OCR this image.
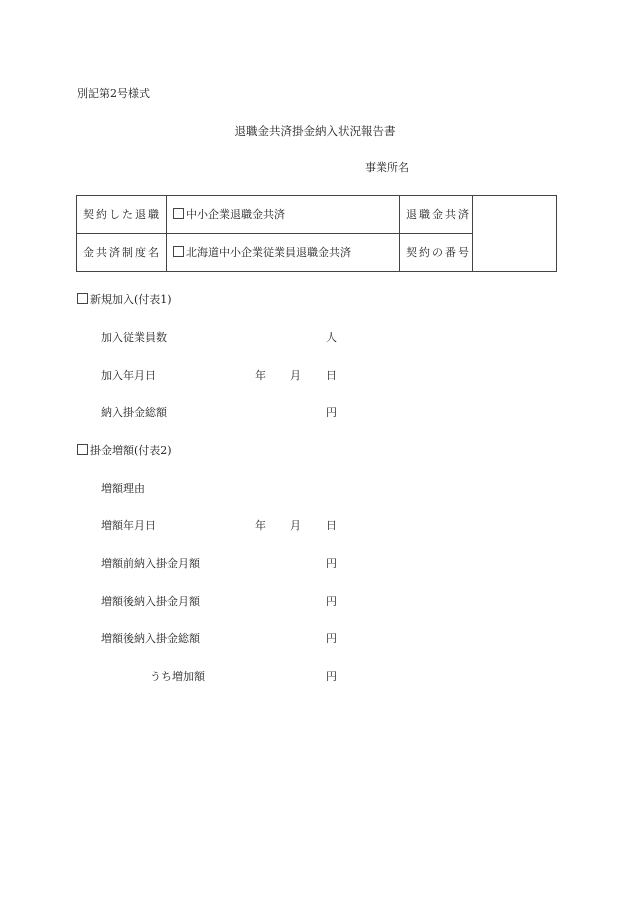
別記第2号様式
退職金共済掛金納入状況報告書
事業所名
契約した退職	中小企業退職金共済	退職金共済	
金共済制度名	北海道中小企業従業員退職金共済	契約の番号	
新規加入(付表1)
加入従業員数	人
加入年月日	年 月 日
納入掛金総額	円
掛金増額(付表2)
増額理由
増額年月日	年 月 日
増額前納入掛金月額	円
増額後納入掛金月額	円
増額後納入掛金総額	円
うち増加額	円
